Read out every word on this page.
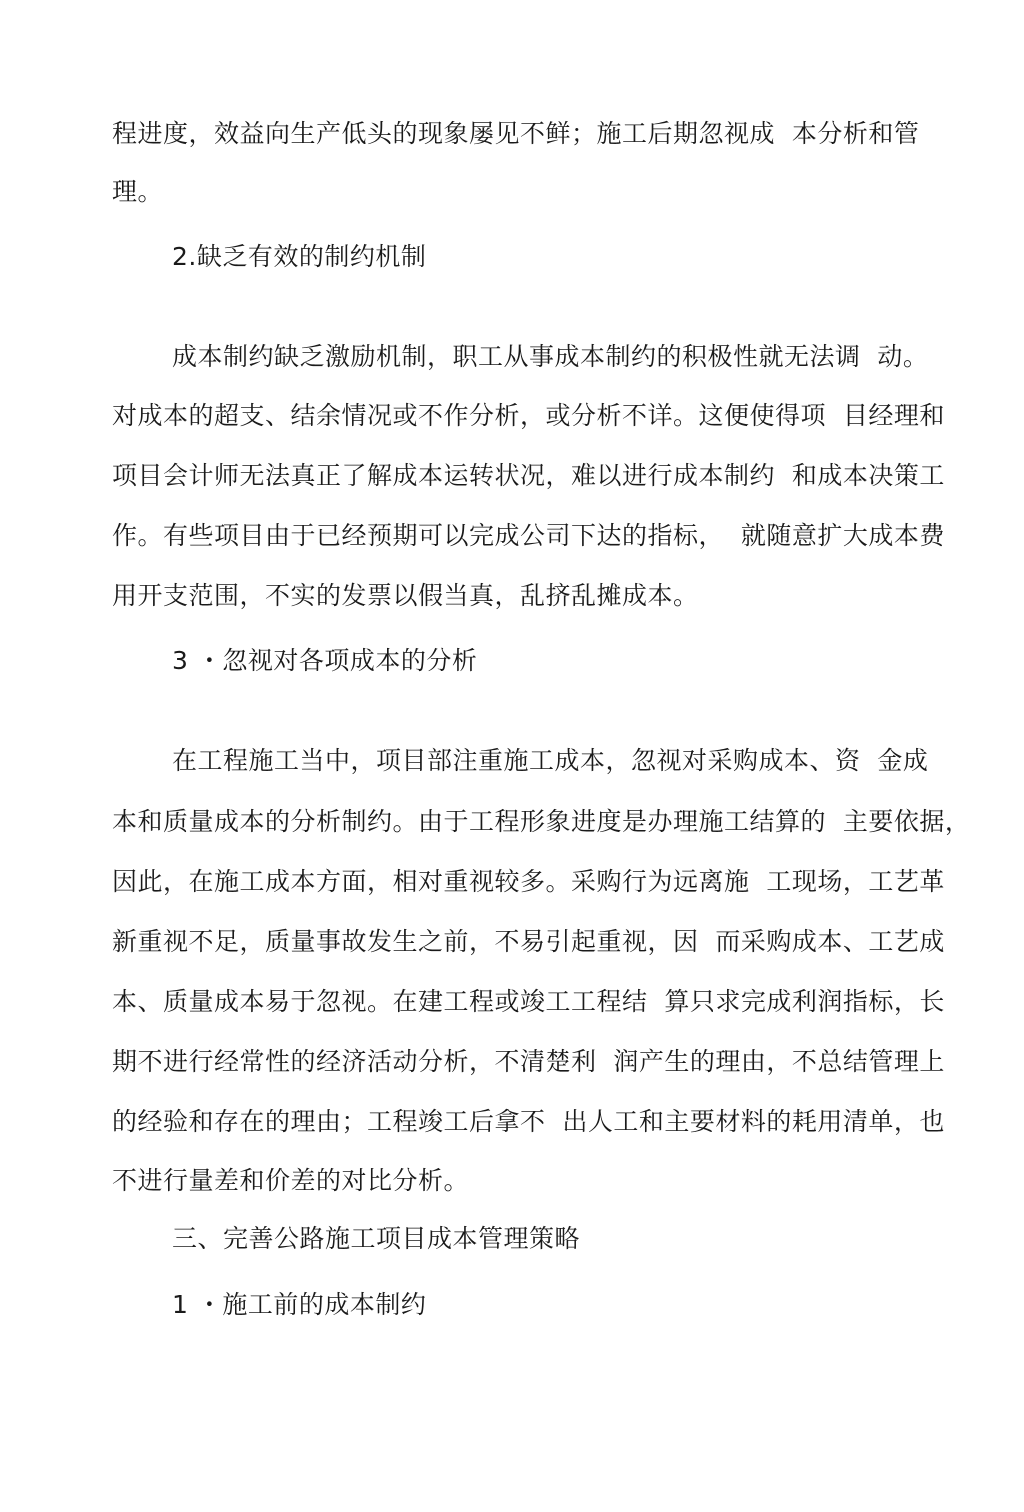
程进度，效益向生产低头的现象屡见不鲜；施工后期忽视成  本分析和管
理。
2.缺乏有效的制约机制
成本制约缺乏激励机制，职工从事成本制约的积极性就无法调  动。
对成本的超支、结余情况或不作分析，或分析不详。这便使得项  目经理和
项目会计师无法真正了解成本运转状况，难以进行成本制约  和成本决策工
作。有些项目由于已经预期可以完成公司下达的指标，  就随意扩大成本费
用开支范围，不实的发票以假当真，乱挤乱摊成本。
3 ・忽视对各项成本的分析
在工程施工当中，项目部注重施工成本，忽视对采购成本、资  金成
本和质量成本的分析制约。由于工程形象进度是办理施工结算的  主要依据，
因此，在施工成本方面，相对重视较多。采购行为远离施  工现场，工艺革
新重视不足，质量事故发生之前，不易引起重视，因  而采购成本、工艺成
本、质量成本易于忽视。在建工程或竣工工程结  算只求完成利润指标，长
期不进行经常性的经济活动分析，不清楚利  润产生的理由，不总结管理上
的经验和存在的理由；工程竣工后拿不  出人工和主要材料的耗用清单，也
不进行量差和价差的对比分析。
三、完善公路施工项目成本管理策略
1 ・施工前的成本制约
